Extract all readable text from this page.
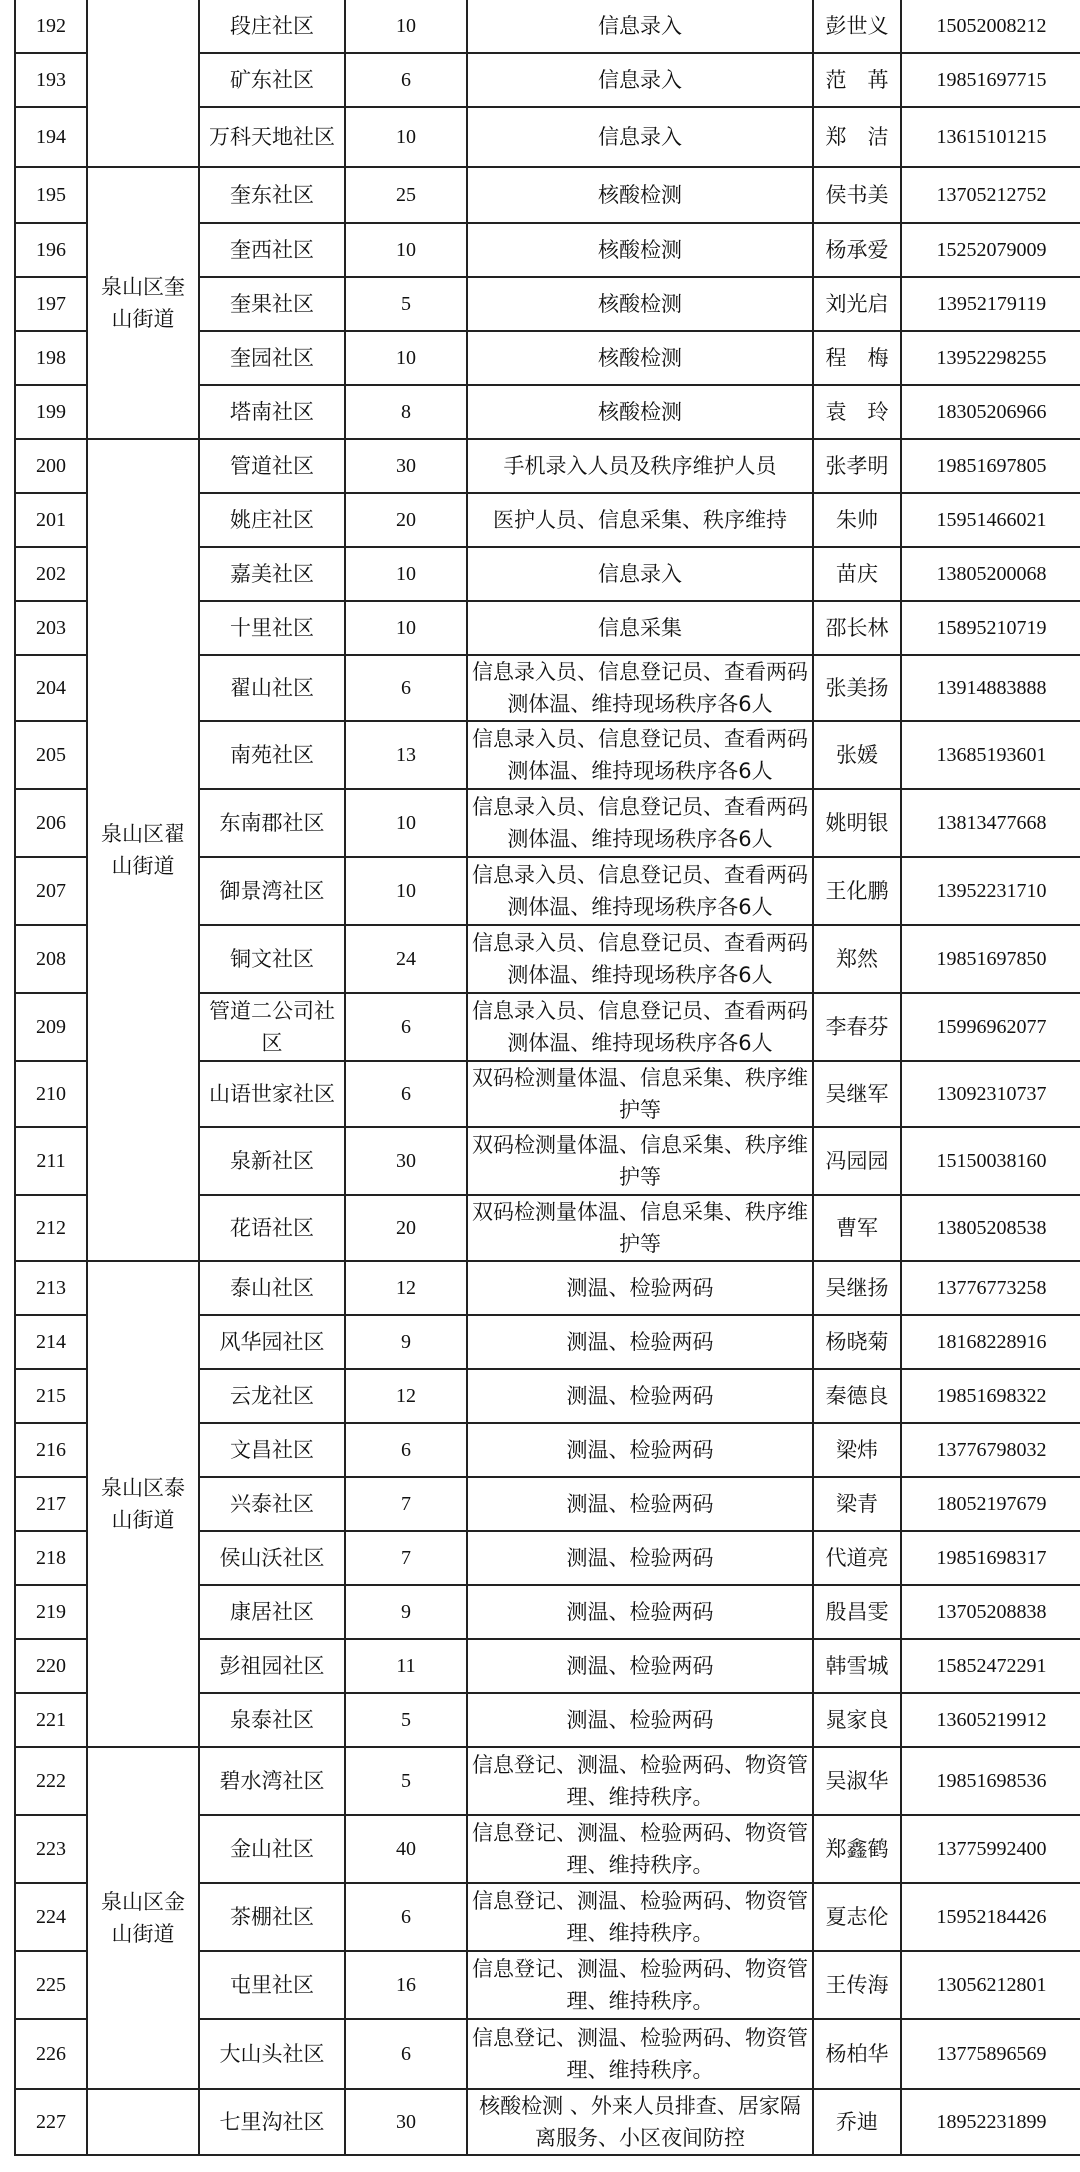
192		段庄社区	10	信息录入	彭世义	15052008212
193		矿东社区	6	信息录入	范　苒	19851697715
194		万科天地社区	10	信息录入	郑　洁	13615101215
195	泉山区奎山街道	奎东社区	25	核酸检测	侯书美	13705212752
196		奎西社区	10	核酸检测	杨承爱	15252079009
197		奎果社区	5	核酸检测	刘光启	13952179119
198		奎园社区	10	核酸检测	程　梅	13952298255
199		塔南社区	8	核酸检测	袁　玲	18305206966
200	泉山区翟山街道	管道社区	30	手机录入人员及秩序维护人员	张孝明	19851697805
201		姚庄社区	20	医护人员、信息采集、秩序维持	朱帅	15951466021
202		嘉美社区	10	信息录入	苗庆	13805200068
203		十里社区	10	信息采集	邵长林	15895210719
204		翟山社区	6	信息录入员、信息登记员、查看两码测体温、维持现场秩序各6人	张美扬	13914883888
205		南苑社区	13	信息录入员、信息登记员、查看两码测体温、维持现场秩序各6人	张媛	13685193601
206		东南郡社区	10	信息录入员、信息登记员、查看两码测体温、维持现场秩序各6人	姚明银	13813477668
207		御景湾社区	10	信息录入员、信息登记员、查看两码测体温、维持现场秩序各6人	王化鹏	13952231710
208		铜文社区	24	信息录入员、信息登记员、查看两码测体温、维持现场秩序各6人	郑然	19851697850
209		管道二公司社区	6	信息录入员、信息登记员、查看两码测体温、维持现场秩序各6人	李春芬	15996962077
210		山语世家社区	6	双码检测量体温、信息采集、秩序维护等	吴继军	13092310737
211		泉新社区	30	双码检测量体温、信息采集、秩序维护等	冯园园	15150038160
212		花语社区	20	双码检测量体温、信息采集、秩序维护等	曹军	13805208538
213	泉山区泰山街道	泰山社区	12	测温、检验两码	吴继扬	13776773258
214		风华园社区	9	测温、检验两码	杨晓菊	18168228916
215		云龙社区	12	测温、检验两码	秦德良	19851698322
216		文昌社区	6	测温、检验两码	梁炜	13776798032
217		兴泰社区	7	测温、检验两码	梁青	18052197679
218		侯山沃社区	7	测温、检验两码	代道亮	19851698317
219		康居社区	9	测温、检验两码	殷昌雯	13705208838
220		彭祖园社区	11	测温、检验两码	韩雪城	15852472291
221		泉泰社区	5	测温、检验两码	晁家良	13605219912
222	泉山区金山街道	碧水湾社区	5	信息登记、测温、检验两码、物资管理、维持秩序。	吴淑华	19851698536
223		金山社区	40	信息登记、测温、检验两码、物资管理、维持秩序。	郑鑫鹤	13775992400
224		茶棚社区	6	信息登记、测温、检验两码、物资管理、维持秩序。	夏志伦	15952184426
225		屯里社区	16	信息登记、测温、检验两码、物资管理、维持秩序。	王传海	13056212801
226		大山头社区	6	信息登记、测温、检验两码、物资管理、维持秩序。	杨柏华	13775896569
227		七里沟社区	30	核酸检测 、外来人员排查、居家隔离服务、小区夜间防控	乔迪	18952231899
